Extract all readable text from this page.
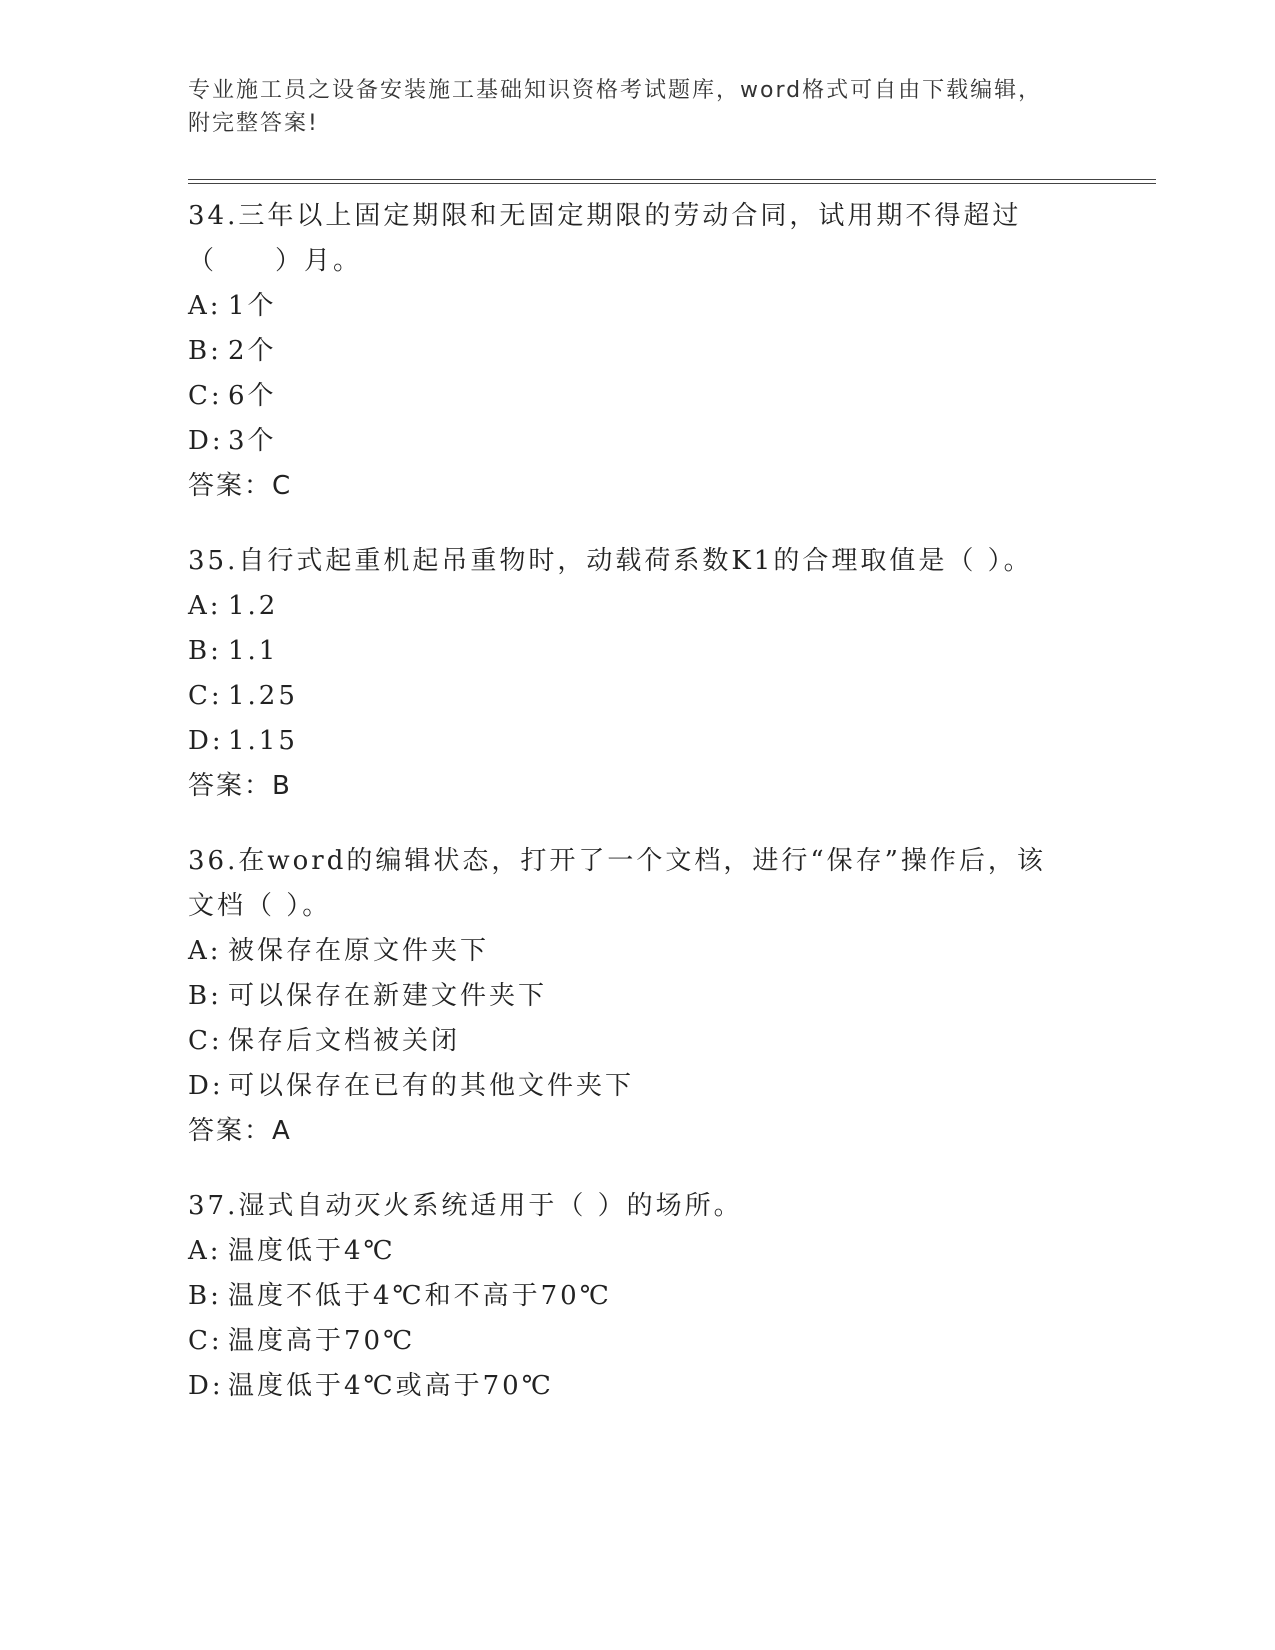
专业施工员之设备安装施工基础知识资格考试题库，word格式可自由下载编辑，
附完整答案!

34.三年以上固定期限和无固定期限的劳动合同，试用期不得超过（　　）月。

A: 1个

B: 2个

C: 6个

D: 3个

答案：C

35.自行式起重机起吊重物时，动载荷系数K1的合理取值是（ ）。

A: 1.2

B: 1.1

C: 1.25

D: 1.15

答案：B

36.在word的编辑状态，打开了一个文档，进行“保存”操作后，该文档（ ）。

A: 被保存在原文件夹下

B: 可以保存在新建文件夹下

C: 保存后文档被关闭

D: 可以保存在已有的其他文件夹下

答案：A

37.湿式自动灭火系统适用于（ ）的场所。

A: 温度低于4℃

B: 温度不低于4℃和不高于70℃

C: 温度高于70℃

D: 温度低于4℃或高于70℃
